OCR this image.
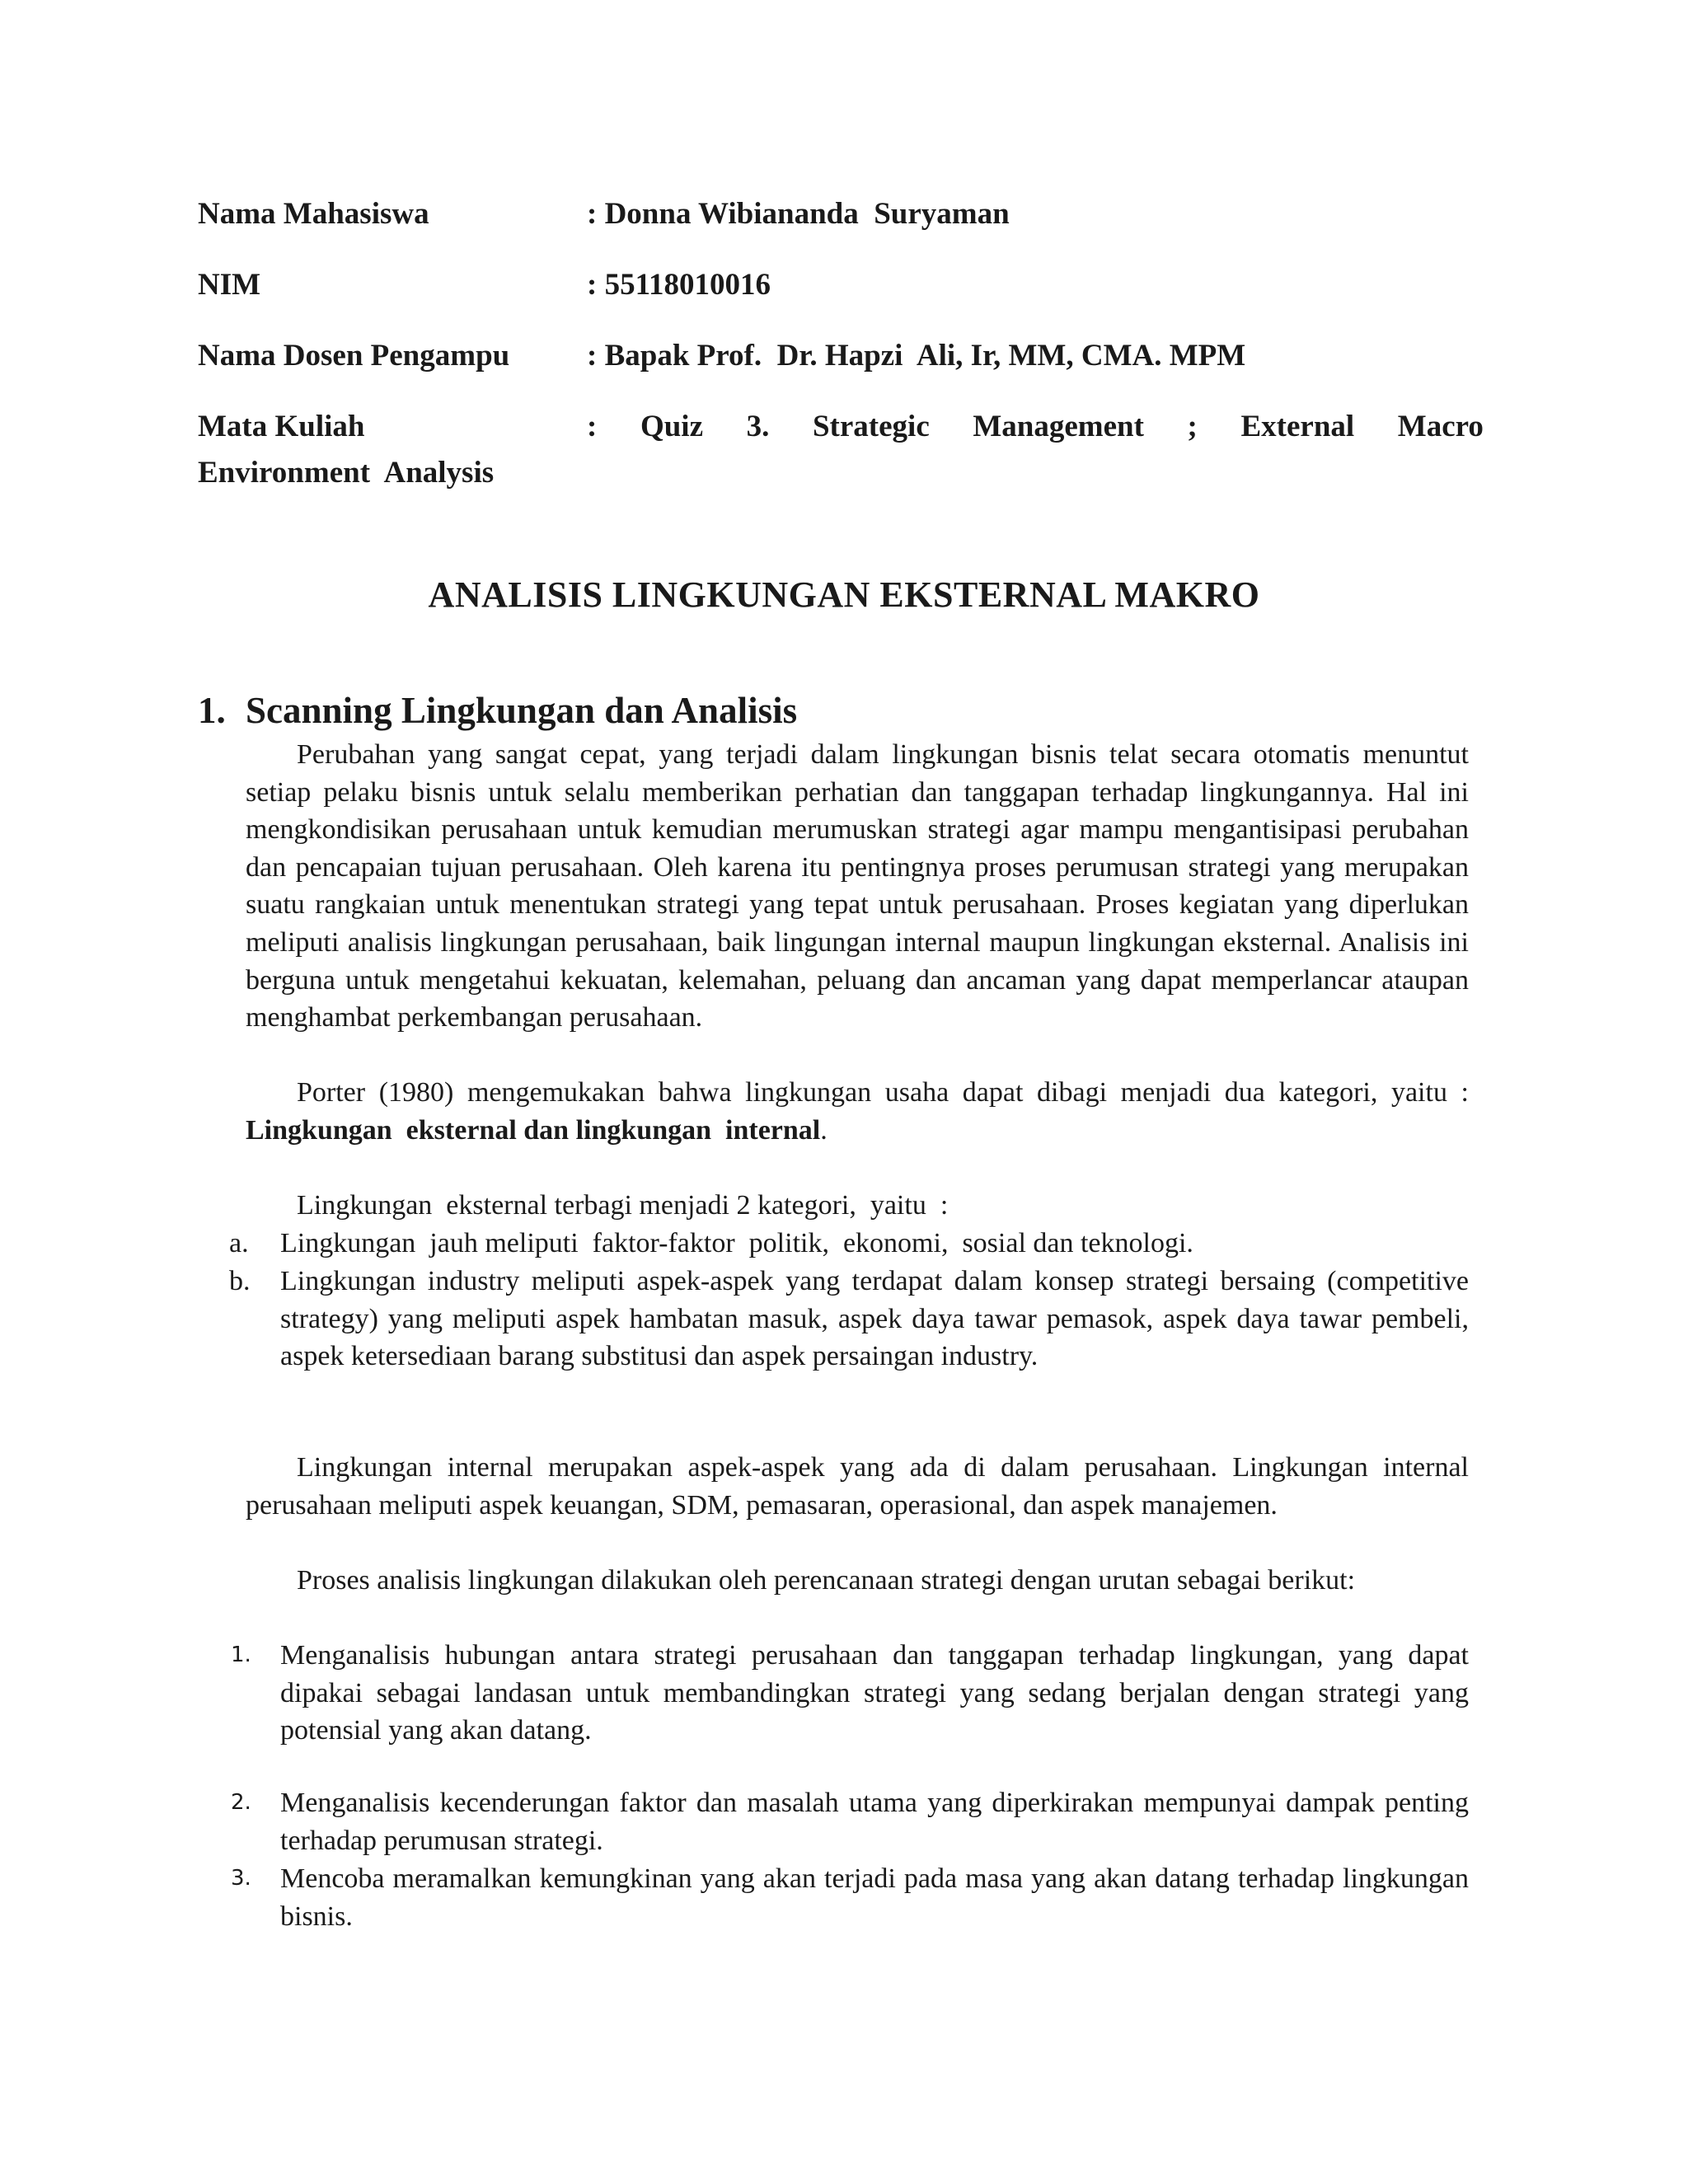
Nama Mahasiswa	: Donna Wibiananda  Suryaman
NIM	: 55118010016
Nama Dosen Pengampu	: Bapak Prof.  Dr. Hapzi  Ali, Ir, MM, CMA. MPM
Mata Kuliah	: Quiz 3. Strategic Management ; External Macro
Environment  Analysis
ANALISIS LINGKUNGAN EKSTERNAL MAKRO
1. Scanning Lingkungan dan Analisis
Perubahan yang sangat cepat, yang terjadi dalam lingkungan bisnis telat secara otomatis menuntut setiap pelaku bisnis untuk selalu memberikan perhatian dan tanggapan terhadap lingkungannya. Hal ini mengkondisikan perusahaan untuk kemudian merumuskan strategi agar mampu mengantisipasi perubahan dan pencapaian tujuan perusahaan. Oleh karena itu pentingnya proses perumusan strategi yang merupakan suatu rangkaian untuk menentukan strategi yang tepat untuk perusahaan. Proses kegiatan yang diperlukan meliputi analisis lingkungan perusahaan, baik lingungan internal maupun lingkungan eksternal. Analisis ini berguna untuk mengetahui kekuatan, kelemahan, peluang dan ancaman yang dapat memperlancar ataupan menghambat perkembangan perusahaan.
Porter (1980) mengemukakan bahwa lingkungan usaha dapat dibagi menjadi dua kategori, yaitu : Lingkungan  eksternal dan lingkungan  internal.
Lingkungan  eksternal terbagi menjadi 2 kategori,  yaitu  :
a. Lingkungan  jauh meliputi  faktor-faktor  politik,  ekonomi,  sosial dan teknologi.
b. Lingkungan industry meliputi aspek-aspek yang terdapat dalam konsep strategi bersaing (competitive strategy) yang meliputi aspek hambatan masuk, aspek daya tawar pemasok, aspek daya tawar pembeli, aspek ketersediaan barang substitusi dan aspek persaingan industry.
Lingkungan internal merupakan aspek-aspek yang ada di dalam perusahaan. Lingkungan internal perusahaan meliputi aspek keuangan, SDM, pemasaran, operasional, dan aspek manajemen.
Proses analisis lingkungan dilakukan oleh perencanaan strategi dengan urutan sebagai berikut:
1. Menganalisis hubungan antara strategi perusahaan dan tanggapan terhadap lingkungan, yang dapat dipakai sebagai landasan untuk membandingkan strategi yang sedang berjalan dengan strategi yang potensial yang akan datang.
2. Menganalisis kecenderungan faktor dan masalah utama yang diperkirakan mempunyai dampak penting terhadap perumusan strategi.
3. Mencoba meramalkan kemungkinan yang akan terjadi pada masa yang akan datang terhadap lingkungan bisnis.
